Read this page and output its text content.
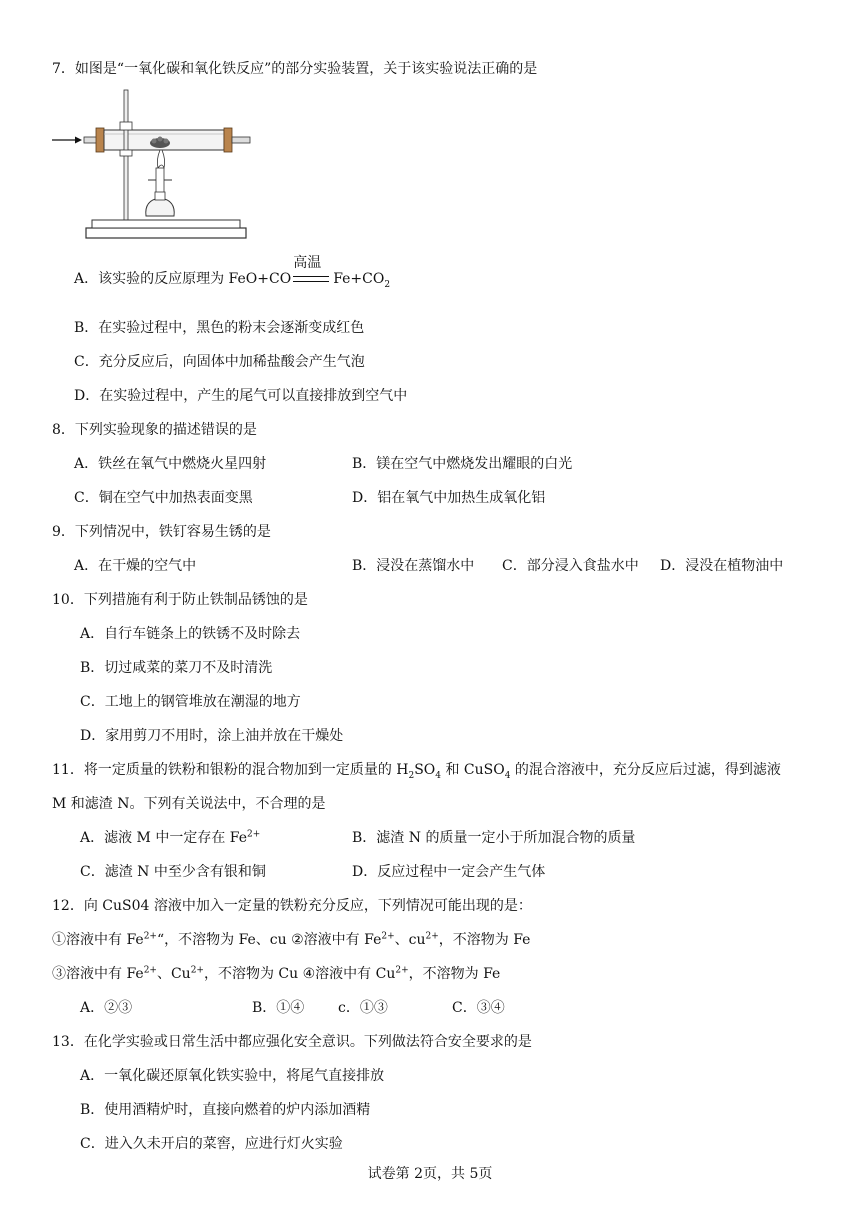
7．如图是“一氧化碳和氧化铁反应”的部分实验装置，关于该实验说法正确的是
A．该实验的反应原理为 FeO+CO
高温
$Fe+CO_2$
B．在实验过程中，黑色的粉末会逐渐变成红色
C．充分反应后，向固体中加稀盐酸会产生气泡
D．在实验过程中，产生的尾气可以直接排放到空气中
8．下列实验现象的描述错误的是
A．铁丝在氧气中燃烧火星四射	B．镁在空气中燃烧发出耀眼的白光
C．铜在空气中加热表面变黑	D．铝在氧气中加热生成氧化铝
9．下列情况中，铁钉容易生锈的是
A．在干燥的空气中	B．浸没在蒸馏水中 C．部分浸入食盐水中 D．浸没在植物油中
10．下列措施有利于防止铁制品锈蚀的是
A．自行车链条上的铁锈不及时除去
B．切过咸菜的菜刀不及时清洗
C．工地上的钢管堆放在潮湿的地方
D．家用剪刀不用时，涂上油并放在干燥处
11．将一定质量的铁粉和银粉的混合物加到一定质量的 $H_2SO_4$ 和 CuSO$_4$ 的混合溶液中，充分反应后过滤，得到滤液
M 和滤渣 N。下列有关说法中，不合理的是
A．滤液 M 中一定存在 $Fe^{2+}$	B．滤渣 N 的质量一定小于所加混合物的质量
C．滤渣 N 中至少含有银和铜	D．反应过程中一定会产生气体
12．向 CuS04 溶液中加入一定量的铁粉充分反应，下列情况可能出现的是：
①溶液中有 $Fe^{2+}“$，不溶物为 Fe、cu ②溶液中有 $Fe^{2+}$、$cu^{2+}$，不溶物为 Fe
③溶液中有 $Fe^{2+}$、$Cu^{2+}$，不溶物为 Cu ④溶液中有 $Cu^{2+}$，不溶物为 Fe
A．②③	B．①④ c．①③	C．③④
13．在化学实验或日常生活中都应强化安全意识。下列做法符合安全要求的是
A．一氧化碳还原氧化铁实验中，将尾气直接排放
B．使用酒精炉时，直接向燃着的炉内添加酒精
C．进入久未开启的菜窖，应进行灯火实验
试卷第 2页，共 5页
